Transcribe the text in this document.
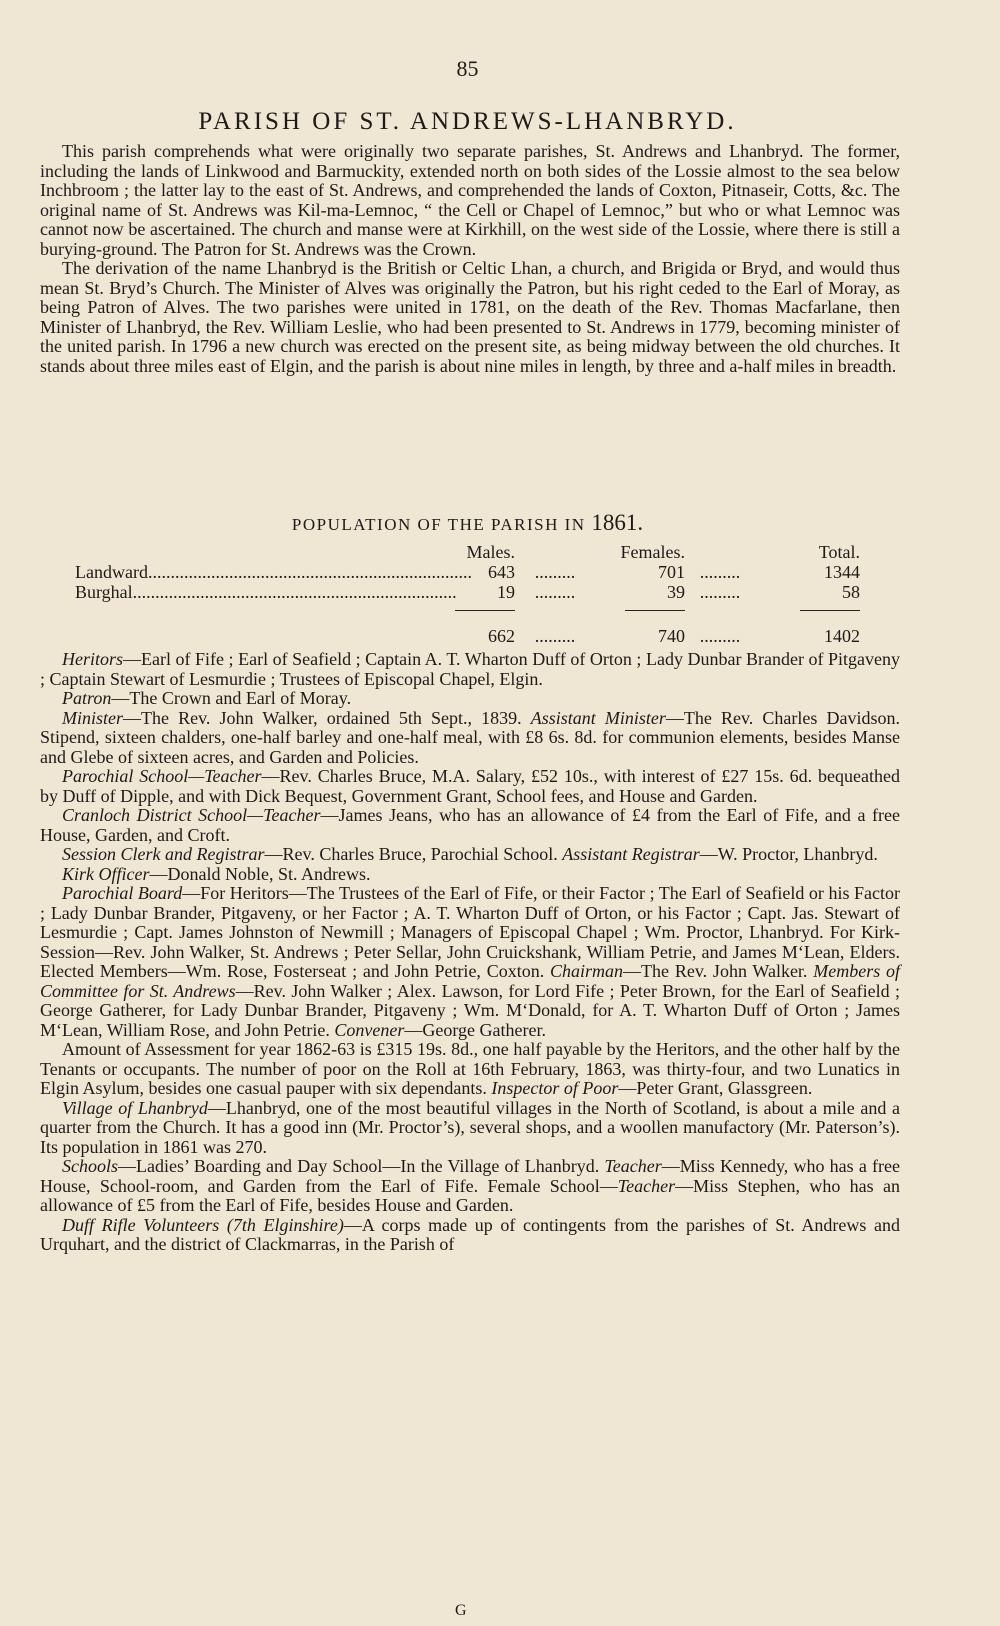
85
PARISH OF ST. ANDREWS-LHANBRYD.

This parish comprehends what were originally two separate parishes, St. Andrews and Lhanbryd. The former, including the lands of Linkwood and Barmuckity, extended north on both sides of the Lossie almost to the sea below Inchbroom ; the latter lay to the east of St. Andrews, and comprehended the lands of Coxton, Pitnaseir, Cotts, &c. The original name of St. Andrews was Kil-ma-Lemnoc, “ the Cell or Chapel of Lemnoc,” but who or what Lemnoc was cannot now be ascertained. The church and manse were at Kirkhill, on the west side of the Lossie, where there is still a burying-ground. The Patron for St. Andrews was the Crown.

The derivation of the name Lhanbryd is the British or Celtic Lhan, a church, and Brigida or Bryd, and would thus mean St. Bryd’s Church. The Minister of Alves was originally the Patron, but his right ceded to the Earl of Moray, as being Patron of Alves. The two parishes were united in 1781, on the death of the Rev. Thomas Macfarlane, then Minister of Lhanbryd, the Rev. William Leslie, who had been presented to St. Andrews in 1779, becoming minister of the united parish. In 1796 a new church was erected on the present site, as being midway between the old churches. It stands about three miles east of Elgin, and the parish is about nine miles in length, by three and a-half miles in breadth.

POPULATION OF THE PARISH IN 1861.
Males.	Females.	Total.
Landward........................................................................ 643	.........	701 .........	1344
Burghal........................................................................	19	.........	39 .........	58
662	.........	740 .........	1402

Heritors—Earl of Fife ; Earl of Seafield ; Captain A. T. Wharton Duff of Orton ; Lady Dunbar Brander of Pitgaveny ; Captain Stewart of Lesmurdie ; Trustees of Episcopal Chapel, Elgin.

Patron—The Crown and Earl of Moray.

Minister—The Rev. John Walker, ordained 5th Sept., 1839. Assistant Minister—The Rev. Charles Davidson. Stipend, sixteen chalders, one-half barley and one-half meal, with £8 6s. 8d. for communion elements, besides Manse and Glebe of sixteen acres, and Garden and Policies.

Parochial School—Teacher—Rev. Charles Bruce, M.A. Salary, £52 10s., with interest of £27 15s. 6d. bequeathed by Duff of Dipple, and with Dick Bequest, Government Grant, School fees, and House and Garden.

Cranloch District School—Teacher—James Jeans, who has an allowance of £4 from the Earl of Fife, and a free House, Garden, and Croft.

Session Clerk and Registrar—Rev. Charles Bruce, Parochial School. Assistant Registrar—W. Proctor, Lhanbryd.

Kirk Officer—Donald Noble, St. Andrews.

Parochial Board—For Heritors—The Trustees of the Earl of Fife, or their Factor ; The Earl of Seafield or his Factor ; Lady Dunbar Brander, Pitgaveny, or her Factor ; A. T. Wharton Duff of Orton, or his Factor ; Capt. Jas. Stewart of Lesmurdie ; Capt. James Johnston of Newmill ; Managers of Episcopal Chapel ; Wm. Proctor, Lhanbryd. For Kirk-Session—Rev. John Walker, St. Andrews ; Peter Sellar, John Cruickshank, William Petrie, and James M‘Lean, Elders. Elected Members—Wm. Rose, Fosterseat ; and John Petrie, Coxton. Chairman—The Rev. John Walker. Members of Committee for St. Andrews—Rev. John Walker ; Alex. Lawson, for Lord Fife ; Peter Brown, for the Earl of Seafield ; George Gatherer, for Lady Dunbar Brander, Pitgaveny ; Wm. M‘Donald, for A. T. Wharton Duff of Orton ; James M‘Lean, William Rose, and John Petrie. Convener—George Gatherer.

Amount of Assessment for year 1862-63 is £315 19s. 8d., one half payable by the Heritors, and the other half by the Tenants or occupants. The number of poor on the Roll at 16th February, 1863, was thirty-four, and two Lunatics in Elgin Asylum, besides one casual pauper with six dependants. Inspector of Poor—Peter Grant, Glassgreen.

Village of Lhanbryd—Lhanbryd, one of the most beautiful villages in the North of Scotland, is about a mile and a quarter from the Church. It has a good inn (Mr. Proctor’s), several shops, and a woollen manufactory (Mr. Paterson’s). Its population in 1861 was 270.

Schools—Ladies’ Boarding and Day School—In the Village of Lhanbryd. Teacher—Miss Kennedy, who has a free House, School-room, and Garden from the Earl of Fife. Female School—Teacher—Miss Stephen, who has an allowance of £5 from the Earl of Fife, besides House and Garden.

Duff Rifle Volunteers (7th Elginshire)—A corps made up of contingents from the parishes of St. Andrews and Urquhart, and the district of Clackmarras, in the Parish of

G
